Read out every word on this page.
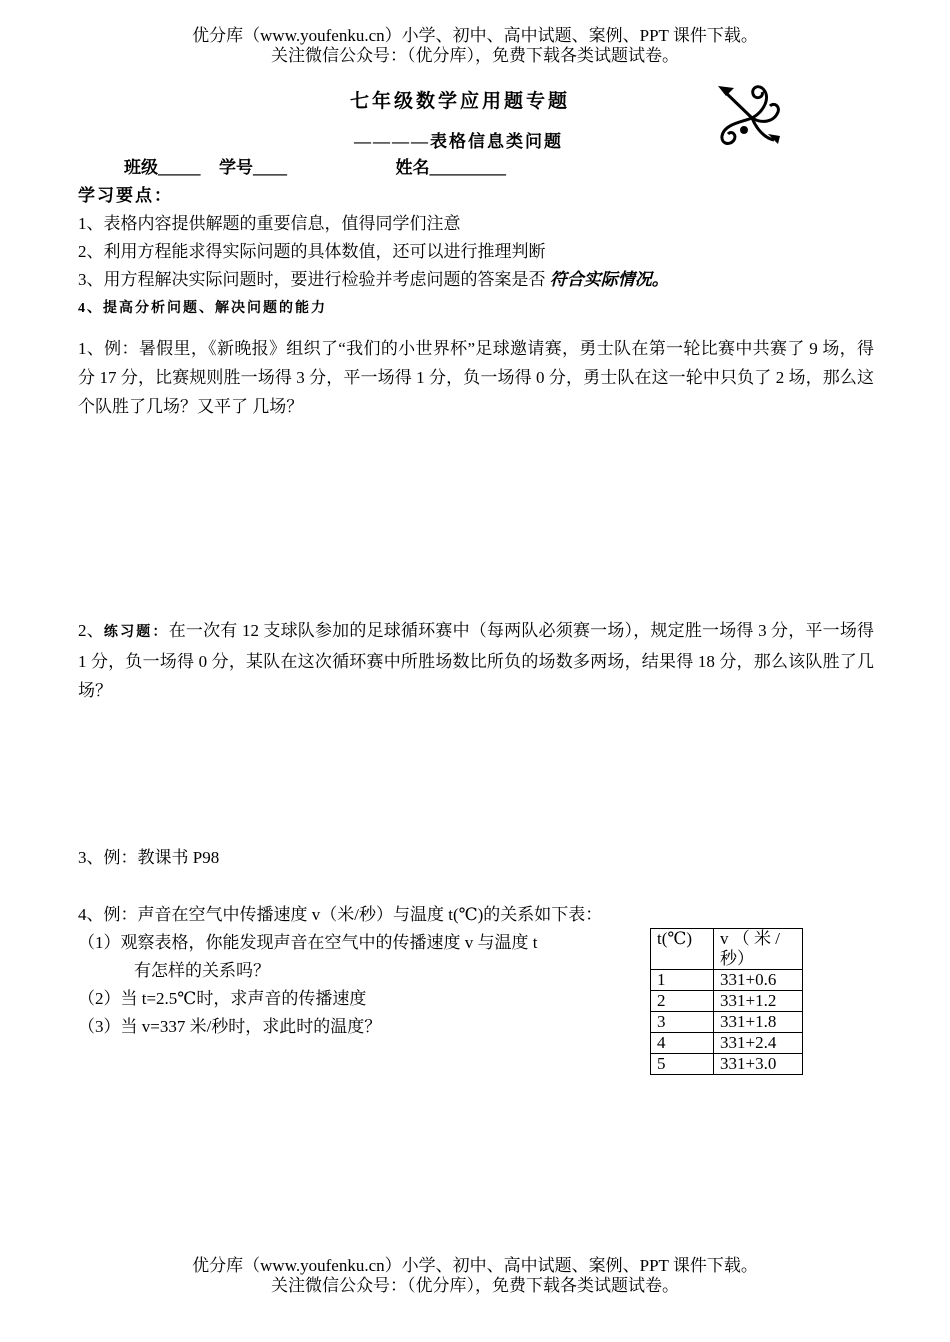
优分库（www.youfenku.cn）小学、初中、高中试题、案例、PPT 课件下载。
关注微信公众号：（优分库），免费下载各类试题试卷。
七年级数学应用题专题
————表格信息类问题
班级_____ 学号____	姓名_________
学习要点：
1、表格内容提供解题的重要信息，值得同学们注意
2、利用方程能求得实际问题的具体数值，还可以进行推理判断
3、用方程解决实际问题时，要进行检验并考虑问题的答案是否 符合实际情况。
4、提高分析问题、解决问题的能力
1、例：暑假里，《新晚报》组织了“我们的小世界杯”足球邀请赛，勇士队在第一轮比赛中共赛了 9 场，得分 17 分，比赛规则胜一场得 3 分，平一场得 1 分，负一场得 0 分，勇士队在这一轮中只负了 2 场，那么这个队胜了几场？又平了 几场？
2、练习题：在一次有 12 支球队参加的足球循环赛中（每两队必须赛一场），规定胜一场得 3 分，平一场得 1 分，负一场得 0 分，某队在这次循环赛中所胜场数比所负的场数多两场，结果得 18 分，那么该队胜了几场？
3、例：教课书 P98
4、例：声音在空气中传播速度 v（米/秒）与温度 t(℃)的关系如下表：
（1）观察表格，你能发现声音在空气中的传播速度 v 与温度 t
有怎样的关系吗？
（2）当 t=2.5℃时，求声音的传播速度
（3）当 v=337 米/秒时，求此时的温度？
t(℃)	v （ 米 / 秒）
1	331+0.6
2	331+1.2
3	331+1.8
4	331+2.4
5	331+3.0
优分库（www.youfenku.cn）小学、初中、高中试题、案例、PPT 课件下载。
关注微信公众号：（优分库），免费下载各类试题试卷。
